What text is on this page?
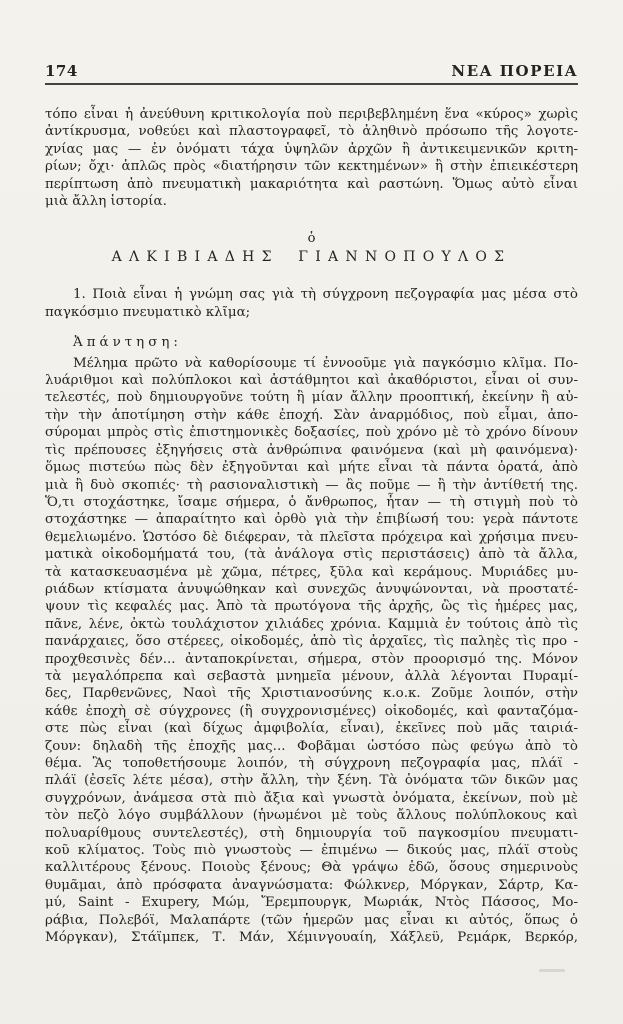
174	ΝΕΑ ΠΟΡΕΙΑ
τόπο εἶναι ἡ ἀνεύθυνη κριτικολογία ποὺ περιβεβλημένη ἕνα «κύρος» χωρὶς
ἀντίκρυσμα, νοθεύει καὶ πλαστογραφεῖ, τὸ ἀληθινὸ πρόσωπο τῆς λογοτε-
χνίας μας — ἐν ὀνόματι τάχα ὑψηλῶν ἀρχῶν ἢ ἀντικειμενικῶν κριτη-
ρίων; ὄχι· ἁπλῶς πρὸς «διατήρησιν τῶν κεκτημένων» ἢ στὴν ἐπιεικέστερη
περίπτωση ἀπὸ πνευματικὴ μακαριότητα καὶ ραστώνη. Ὅμως αὐτὸ εἶναι
μιὰ ἄλλη ἱστορία.
ὁ
ΑΛΚΙΒΙΑΔΗΣ ΓΙΑΝΝΟΠΟΥΛΟΣ
1. Ποιὰ εἶναι ἡ γνώμη σας γιὰ τὴ σύγχρονη πεζογραφία μας μέσα στὸ
παγκόσμιο πνευματικὸ κλῖμα;
Ἀπάντηση:
Μέλημα πρῶτο νὰ καθορίσουμε τί ἐννοοῦμε γιὰ παγκόσμιο κλῖμα. Πο-
λυάριθμοι καὶ πολύπλοκοι καὶ ἀστάθμητοι καὶ ἀκαθόριστοι, εἶναι οἱ συν-
τελεστές, ποὺ δημιουργοῦνε τούτη ἢ μίαν ἄλλην προοπτική, ἐκείνην ἢ αὐ-
τὴν τὴν ἀποτίμηση στὴν κάθε ἐποχή. Σὰν ἀναρμόδιος, ποὺ εἶμαι, ἀπο-
σύρομαι μπρὸς στὶς ἐπιστημονικὲς δοξασίες, ποὺ χρόνο μὲ τὸ χρόνο δίνουν
τὶς πρέπουσες ἐξηγήσεις στὰ ἀνθρώπινα φαινόμενα (καὶ μὴ φαινόμενα)·
ὅμως πιστεύω πὼς δὲν ἐξηγοῦνται καὶ μήτε εἶναι τὰ πάντα ὁρατά, ἀπὸ
μιὰ ἢ δυὸ σκοπιές· τὴ ρασιοναλιστικὴ — ἂς ποῦμε — ἢ τὴν ἀντίθετή της.
Ὅ,τι στοχάστηκε, ἴσαμε σήμερα, ὁ ἄνθρωπος, ἦταν — τὴ στιγμὴ ποὺ τὸ
στοχάστηκε — ἀπαραίτητο καὶ ὀρθὸ γιὰ τὴν ἐπιβίωσή του: γερὰ πάντοτε
θεμελιωμένο. Ὡστόσο δὲ διέφεραν, τὰ πλεῖστα πρόχειρα καὶ χρήσιμα πνευ-
ματικὰ οἰκοδομήματά του, (τὰ ἀνάλογα στὶς περιστάσεις) ἀπὸ τὰ ἄλλα,
τὰ κατασκευασμένα μὲ χῶμα, πέτρες, ξῦλα καὶ κεράμους. Μυριάδες μυ-
ριάδων κτίσματα ἀνυψώθηκαν καὶ συνεχῶς ἀνυψώνονται, νὰ προστατέ-
ψουν τὶς κεφαλές μας. Ἀπὸ τὰ πρωτόγονα τῆς ἀρχῆς, ὣς τὶς ἡμέρες μας,
πᾶνε, λένε, ὀκτὼ τουλάχιστον χιλιάδες χρόνια. Καμμιὰ ἐν τούτοις ἀπὸ τὶς
πανάρχαιες, ὅσο στέρεες, οἰκοδομές, ἀπὸ τὶς ἀρχαῖες, τὶς παληὲς τὶς προ -
προχθεσινὲς δέν... ἀνταποκρίνεται, σήμερα, στὸν προορισμό της. Μόνον
τὰ μεγαλόπρεπα καὶ σεβαστὰ μνημεῖα μένουν, ἀλλὰ λέγονται Πυραμί-
δες, Παρθενῶνες, Ναοὶ τῆς Χριστιανοσύνης κ.ο.κ. Ζοῦμε λοιπόν, στὴν
κάθε ἐποχὴ σὲ σύγχρονες (ἢ συγχρονισμένες) οἰκοδομές, καὶ φανταζόμα-
στε πὼς εἶναι (καὶ δίχως ἀμφιβολία, εἶναι), ἐκεῖνες ποὺ μᾶς ταιριά-
ζουν: δηλαδὴ τῆς ἐποχῆς μας... Φοβᾶμαι ὡστόσο πὼς φεύγω ἀπὸ τὸ
θέμα. Ἂς τοποθετήσουμε λοιπόν, τὴ σύγχρονη πεζογραφία μας, πλάϊ -
πλάϊ (ἐσεῖς λέτε μέσα), στὴν ἄλλη, τὴν ξένη. Τὰ ὀνόματα τῶν δικῶν μας
συγχρόνων, ἀνάμεσα στὰ πιὸ ἄξια καὶ γνωστὰ ὀνόματα, ἐκείνων, ποὺ μὲ
τὸν πεζὸ λόγο συμβάλλουν (ἡνωμένοι μὲ τοὺς ἄλλους πολύπλοκους καὶ
πολυαρίθμους συντελεστές), στὴ δημιουργία τοῦ παγκοσμίου πνευματι-
κοῦ κλίματος. Τοὺς πιὸ γνωστοὺς — ἐπιμένω — δικούς μας, πλάϊ στοὺς
καλλιτέρους ξένους. Ποιοὺς ξένους; Θὰ γράψω ἐδῶ, ὅσους σημερινοὺς
θυμᾶμαι, ἀπὸ πρόσφατα ἀναγνώσματα: Φώλκνερ, Μόργκαν, Σάρτρ, Κα-
μύ, Saint - Exupery, Μώμ, Ἔρεμπουργκ, Μωριάκ, Ντὸς Πάσσος, Μο-
ράβια, Πολεβόϊ, Μαλαπάρτε (τῶν ἡμερῶν μας εἶναι κι αὐτός, ὅπως ὁ
Μόργκαν), Στάϊμπεκ, Τ. Μάν, Χέμινγουαίη, Χάξλεϋ, Ρεμάρκ, Βερκόρ,
